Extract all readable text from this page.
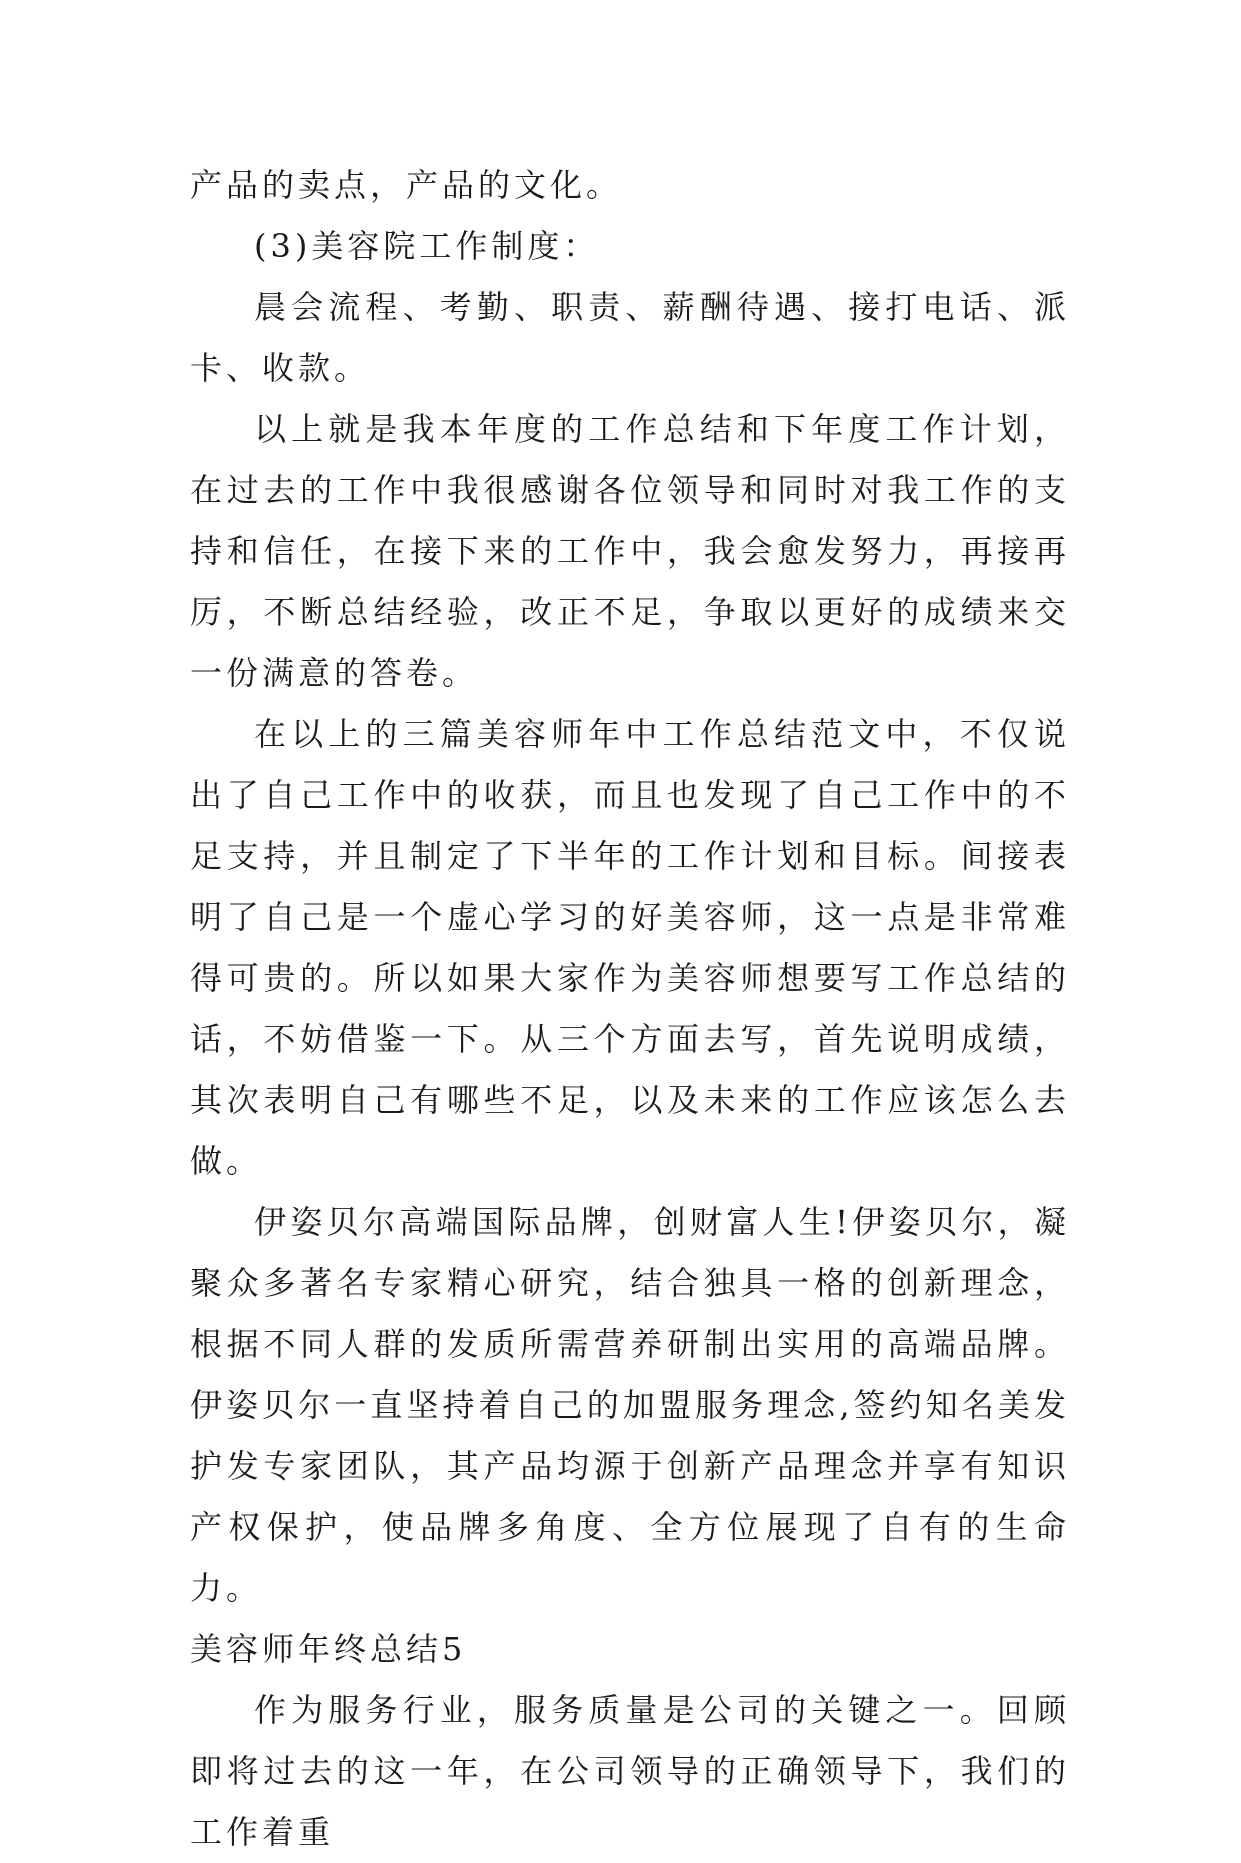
产品的卖点，产品的文化。

(3)美容院工作制度：

晨会流程、考勤、职责、薪酬待遇、接打电话、派卡、收款。

以上就是我本年度的工作总结和下年度工作计划，在过去的工作中我很感谢各位领导和同时对我工作的支持和信任，在接下来的工作中，我会愈发努力，再接再厉，不断总结经验，改正不足，争取以更好的成绩来交一份满意的答卷。

在以上的三篇美容师年中工作总结范文中，不仅说出了自己工作中的收获，而且也发现了自己工作中的不足支持，并且制定了下半年的工作计划和目标。间接表明了自己是一个虚心学习的好美容师，这一点是非常难得可贵的。所以如果大家作为美容师想要写工作总结的话，不妨借鉴一下。从三个方面去写，首先说明成绩，其次表明自己有哪些不足，以及未来的工作应该怎么去做。

伊姿贝尔高端国际品牌，创财富人生!伊姿贝尔，凝聚众多著名专家精心研究，结合独具一格的创新理念，根据不同人群的发质所需营养研制出实用的高端品牌。伊姿贝尔一直坚持着自己的加盟服务理念,签约知名美发护发专家团队，其产品均源于创新产品理念并享有知识产权保护，使品牌多角度、全方位展现了自有的生命力。

美容师年终总结5

作为服务行业，服务质量是公司的关键之一。回顾即将过去的这一年，在公司领导的正确领导下，我们的工作着重
